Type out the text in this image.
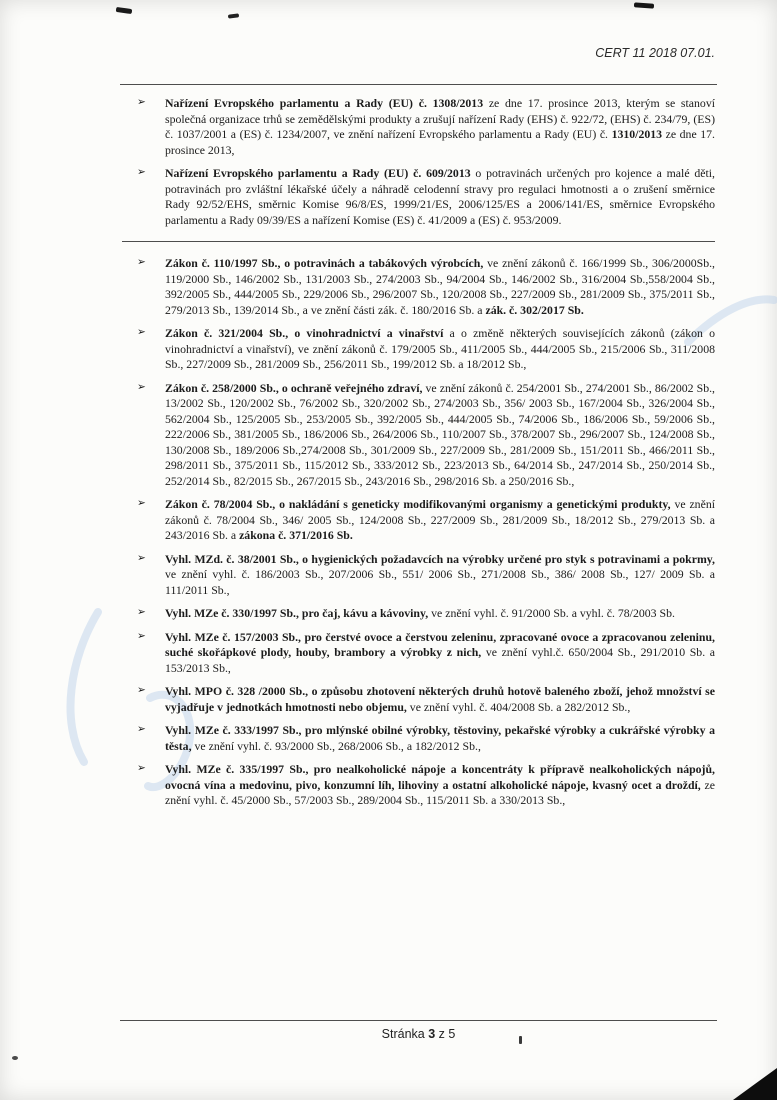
CERT 11 2018 07.01.
➢ Nařízení Evropského parlamentu a Rady (EU) č. 1308/2013 ze dne 17. prosince 2013, kterým se stanoví společná organizace trhů se zemědělskými produkty a zrušují nařízení Rady (EHS) č. 922/72, (EHS) č. 234/79, (ES) č. 1037/2001 a (ES) č. 1234/2007, ve znění nařízení Evropského parlamentu a Rady (EU) č. 1310/2013 ze dne 17. prosince 2013,
➢ Nařízení Evropského parlamentu a Rady (EU) č. 609/2013 o potravinách určených pro kojence a malé děti, potravinách pro zvláštní lékařské účely a náhradě celodenní stravy pro regulaci hmotnosti a o zrušení směrnice Rady 92/52/EHS, směrnic Komise 96/8/ES, 1999/21/ES, 2006/125/ES a 2006/141/ES, směrnice Evropského parlamentu a Rady 09/39/ES a nařízení Komise (ES) č. 41/2009 a (ES) č. 953/2009.
➢ Zákon č. 110/1997 Sb., o potravinách a tabákových výrobcích, ve znění zákonů č. 166/1999 Sb., 306/2000Sb., 119/2000 Sb., 146/2002 Sb., 131/2003 Sb., 274/2003 Sb., 94/2004 Sb., 146/2002 Sb., 316/2004 Sb.,558/2004 Sb., 392/2005 Sb., 444/2005 Sb., 229/2006 Sb., 296/2007 Sb., 120/2008 Sb., 227/2009 Sb., 281/2009 Sb., 375/2011 Sb., 279/2013 Sb., 139/2014 Sb., a ve znění části zák. č. 180/2016 Sb. a zák. č. 302/2017 Sb.
➢ Zákon č. 321/2004 Sb., o vinohradnictví a vinařství a o změně některých souvisejících zákonů (zákon o vinohradnictví a vinařství), ve znění zákonů č. 179/2005 Sb., 411/2005 Sb., 444/2005 Sb., 215/2006 Sb., 311/2008 Sb., 227/2009 Sb., 281/2009 Sb., 256/2011 Sb., 199/2012 Sb. a 18/2012 Sb.,
➢ Zákon č. 258/2000 Sb., o ochraně veřejného zdraví, ve znění zákonů č. 254/2001 Sb., 274/2001 Sb., 86/2002 Sb., 13/2002 Sb., 120/2002 Sb., 76/2002 Sb., 320/2002 Sb., 274/2003 Sb., 356/ 2003 Sb., 167/2004 Sb., 326/2004 Sb., 562/2004 Sb., 125/2005 Sb., 253/2005 Sb., 392/2005 Sb., 444/2005 Sb., 74/2006 Sb., 186/2006 Sb., 59/2006 Sb., 222/2006 Sb., 381/2005 Sb., 186/2006 Sb., 264/2006 Sb., 110/2007 Sb., 378/2007 Sb., 296/2007 Sb., 124/2008 Sb., 130/2008 Sb., 189/2006 Sb.,274/2008 Sb., 301/2009 Sb., 227/2009 Sb., 281/2009 Sb., 151/2011 Sb., 466/2011 Sb., 298/2011 Sb., 375/2011 Sb., 115/2012 Sb., 333/2012 Sb., 223/2013 Sb., 64/2014 Sb., 247/2014 Sb., 250/2014 Sb., 252/2014 Sb., 82/2015 Sb., 267/2015 Sb., 243/2016 Sb., 298/2016 Sb. a 250/2016 Sb.,
➢ Zákon č. 78/2004 Sb., o nakládání s geneticky modifikovanými organismy a genetickými produkty, ve znění zákonů č. 78/2004 Sb., 346/ 2005 Sb., 124/2008 Sb., 227/2009 Sb., 281/2009 Sb., 18/2012 Sb., 279/2013 Sb. a 243/2016 Sb. a zákona č. 371/2016 Sb.
➢ Vyhl. MZd. č. 38/2001 Sb., o hygienických požadavcích na výrobky určené pro styk s potravinami a pokrmy, ve znění vyhl. č. 186/2003 Sb., 207/2006 Sb., 551/ 2006 Sb., 271/2008 Sb., 386/ 2008 Sb., 127/ 2009 Sb. a 111/2011 Sb.,
➢ Vyhl. MZe č. 330/1997 Sb., pro čaj, kávu a kávoviny, ve znění vyhl. č. 91/2000 Sb. a vyhl. č. 78/2003 Sb.
➢ Vyhl. MZe č. 157/2003 Sb., pro čerstvé ovoce a čerstvou zeleninu, zpracované ovoce a zpracovanou zeleninu, suché skořápkové plody, houby, brambory a výrobky z nich, ve znění vyhl.č. 650/2004 Sb., 291/2010 Sb. a 153/2013 Sb.,
➢ Vyhl. MPO č. 328 /2000 Sb., o způsobu zhotovení některých druhů hotově baleného zboží, jehož množství se vyjadřuje v jednotkách hmotnosti nebo objemu, ve znění vyhl. č. 404/2008 Sb. a 282/2012 Sb.,
➢ Vyhl. MZe č. 333/1997 Sb., pro mlýnské obilné výrobky, těstoviny, pekařské výrobky a cukrářské výrobky a těsta, ve znění vyhl. č. 93/2000 Sb., 268/2006 Sb., a 182/2012 Sb.,
➢ Vyhl. MZe č. 335/1997 Sb., pro nealkoholické nápoje a koncentráty k přípravě nealkoholických nápojů, ovocná vína a medovinu, pivo, konzumní líh, lihoviny a ostatní alkoholické nápoje, kvasný ocet a droždí, ze znění vyhl. č. 45/2000 Sb., 57/2003 Sb., 289/2004 Sb., 115/2011 Sb. a 330/2013 Sb.,
Stránka 3 z 5
